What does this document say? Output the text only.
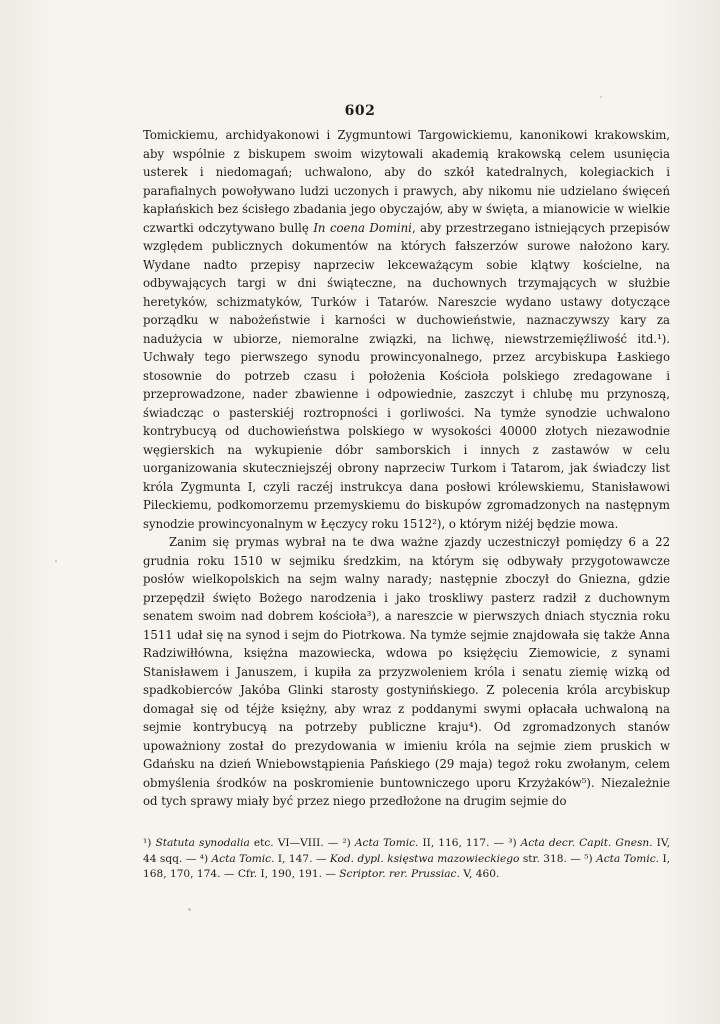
602

Tomickiemu, archidyakonowi i Zygmuntowi Targowickiemu, kanonikowi krakowskim, aby wspólnie z biskupem swoim wizytowali akademią krakowską celem usunięcia usterek i niedomagań; uchwalono, aby do szkół katedralnych, kolegiackich i parafialnych powoływano ludzi uczonych i prawych, aby nikomu nie udzielano święceń kapłańskich bez ścisłego zbadania jego obyczajów, aby w święta, a mianowicie w wielkie czwartki odczytywano bullę In coena Domini, aby przestrzegano istniejących przepisów względem publicznych dokumentów na których fałszerzów surowe nałożono kary. Wydane nadto przepisy naprzeciw lekceważącym sobie klątwy kościelne, na odbywających targi w dni świąteczne, na duchownych trzymających w służbie heretyków, schizmatyków, Turków i Tatarów. Nareszcie wydano ustawy dotyczące porządku w nabożeństwie i karności w duchowieństwie, naznaczywszy kary za nadużycia w ubiorze, niemoralne związki, na lichwę, niewstrzemięźliwość itd.¹). Uchwały tego pierwszego synodu prowincyonalnego, przez arcybiskupa Łaskiego stosownie do potrzeb czasu i położenia Kościoła polskiego zredagowane i przeprowadzone, nader zbawienne i odpowiednie, zaszczyt i chlubę mu przynoszą, świadcząc o pasterskiéj roztropności i gorliwości. Na tymże synodzie uchwalono kontrybucyą od duchowieństwa polskiego w wysokości 40000 złotych niezawodnie węgierskich na wykupienie dóbr samborskich i innych z zastawów w celu uorganizowania skuteczniejszéj obrony naprzeciw Turkom i Tatarom, jak świadczy list króla Zygmunta I, czyli raczéj instrukcya dana posłowi królewskiemu, Stanisławowi Pileckiemu, podkomorzemu przemyskiemu do biskupów zgromadzonych na następnym synodzie prowincyonalnym w Łęczycy roku 1512²), o którym niżéj będzie mowa.

Zanim się prymas wybrał na te dwa ważne zjazdy uczestniczył pomiędzy 6 a 22 grudnia roku 1510 w sejmiku średzkim, na którym się odbywały przygotowawcze posłów wielkopolskich na sejm walny narady; następnie zboczył do Gniezna, gdzie przepędził święto Bożego narodzenia i jako troskliwy pasterz radził z duchownym senatem swoim nad dobrem kościoła³), a nareszcie w pierwszych dniach stycznia roku 1511 udał się na synod i sejm do Piotrkowa. Na tymże sejmie znajdowała się także Anna Radziwiłłówna, księżna mazowiecka, wdowa po księżęciu Ziemowicie, z synami Stanisławem i Januszem, i kupiła za przyzwoleniem króla i senatu ziemię wizką od spadkobierców Jakóba Glinki starosty gostynińskiego. Z polecenia króla arcybiskup domagał się od téjże księżny, aby wraz z poddanymi swymi opłacała uchwaloną na sejmie kontrybucyą na potrzeby publiczne kraju⁴). Od zgromadzonych stanów upoważniony został do prezydowania w imieniu króla na sejmie ziem pruskich w Gdańsku na dzień Wniebowstąpienia Pańskiego (29 maja) tegoż roku zwołanym, celem obmyślenia środków na poskromienie buntowniczego uporu Krzyżaków⁵). Niezależnie od tych sprawy miały być przez niego przedłożone na drugim sejmie do

¹) Statuta synodalia etc. VI—VIII. — ²) Acta Tomic. II, 116, 117. — ³) Acta decr. Capit. Gnesn. IV, 44 sqq. — ⁴) Acta Tomic. I, 147. — Kod. dypl. księstwa mazowieckiego str. 318. — ⁵) Acta Tomic. I, 168, 170, 174. — Cfr. I, 190, 191. — Scriptor. rer. Prussiac. V, 460.
